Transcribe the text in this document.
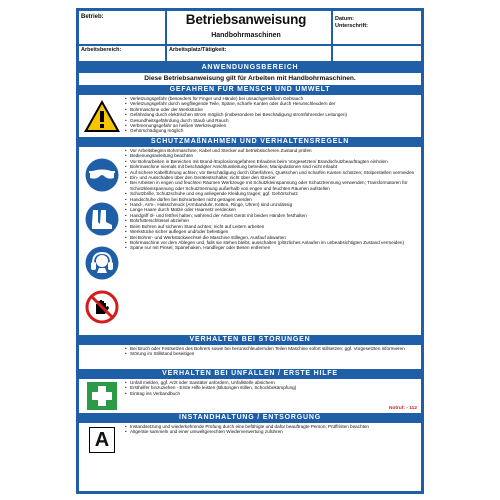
Betrieb:	Betriebsanweisung
Handbohrmaschinen
Datum:
Unterschrift:
Arbeitsbereich:	Arbeitsplatz/Tätigkeit:
ANWENDUNGSBEREICH
Diese Betriebsanweisung gilt für Arbeiten mit Handbohrmaschinen.
GEFAHREN FÜR MENSCH UND UMWELT
• Verletzungsgefahr (besonders für Finger und Hände) bei unsachgemäßem Gebrauch
• Verletzungsgefahr durch wegfliegende Teile, Späne, scharfe Kanten oder durch Herunschleudern der
• Bohrmaschine oder der Werkstücke
• Gefährdung durch elektrischen Strom möglich (insbesondere bei Beschädigung stromführender Leitungen)
• Gesundheitsgefährdung durch Staub und Rauch
• Verbrennungsgefahr an heißen Werkzeugteilen
• Gehörschädigung möglich
SCHUTZMAßNAHMEN UND VERHALTENSREGELN
• Vor Arbeitsbeginn Bohrmaschine, Kabel und Stecker auf betriebssicheren Zustand prüfen
• Bedienungsanleitung beachten
• Vor Bohrarbeiten in Bereichen mit Brand-/Explosionsgefahren Erlaubnis beim Vorgesetzten/ Brandschutzbeauftragten einholen
• Bohrmaschine niemals mit beschädigter Anschlussleitung betreiben; Manipulationen sind nicht erlaubt
• Auf sichere Kabelführung achten; vor Beschädigung durch Überfahren, Quetschen und scharfen Kanten schützen; Stolperstellen vermeiden
• Ein- und Ausschalten über den Gerätestschalter, nicht über den Stecker
• Bei Arbeiten in engen und feuchten Räumen Werkzeuge mit Schutzkleinspannung oder Schutztrennung verwenden; Transformatoren für Schutzkleinspannung oder Schutztrennung außerhalb von engen und feuchten Räumen aufstellen
• Schutzbrille, Schutzschuhe und eng anliegende Kleidung tragen; ggf. Gehörschutz
• Handschuhe dürfen bei Bohrarbeiten nicht getragen werden
• Hand-, Arm-, Halsschmuck (Armbanduhr, Ketten, Ringe, Uhren) sind unzulässig
• Lange Haare durch Mütze oder Haarnetz verdecken
• Handgriff öl- und fettfrei halten; während der Arbeit Gerät mit beiden Händen festhalten
• Bohrfutterschlüssel abziehen
• Beim Bohren auf sicheren Stand achten; nicht auf Leitern arbeiten
• Werkstücke sicher auflegen und/oder befestigen
• Bei Bohrer- und Werkstückwechsel die Maschine stillegen, Ausfauf abwarten
• Bohrmaschine vor dem Ablegen und, falls sie stehen bleibt, ausschalten (plötzliches Anlaufen im unbeabsichtigten Zustand vermeiden)
• Späne nur mit Pinsel, Spänehaken, Handfeger oder Besen entfernen
VERHALTEN BEI STÖRUNGEN
• Bei Bruch oder Festsetzen des Bohrers sowie bei herunschleudernden Teilen Maschine sofort stillsetzen; ggf. Vorgesetzten informieren
• Störung im Stillstand beseitigen
VERHALTEN BEI UNFÄLLEN / ERSTE HILFE
• Unfall melden, ggf. Arzt oder Sanitäter anfordern, Unfallstelle absichern
• Ersthelfer hinzuziehen - Erste Hilfe leisten (Blutungen stillen, Schockbekämpfung)
• Eintrag ins Verbandbuch
Notruf: - 112
INSTANDHALTUNG / ENTSORGUNG
A
• Instandsetzung und wiederkehrende Prüfung durch eine befähigte und dafür beauftragte Person; Prüffristen beachten
• Altgeräte sammeln und einer umweltgerechten Wiederverwertung zuführen
